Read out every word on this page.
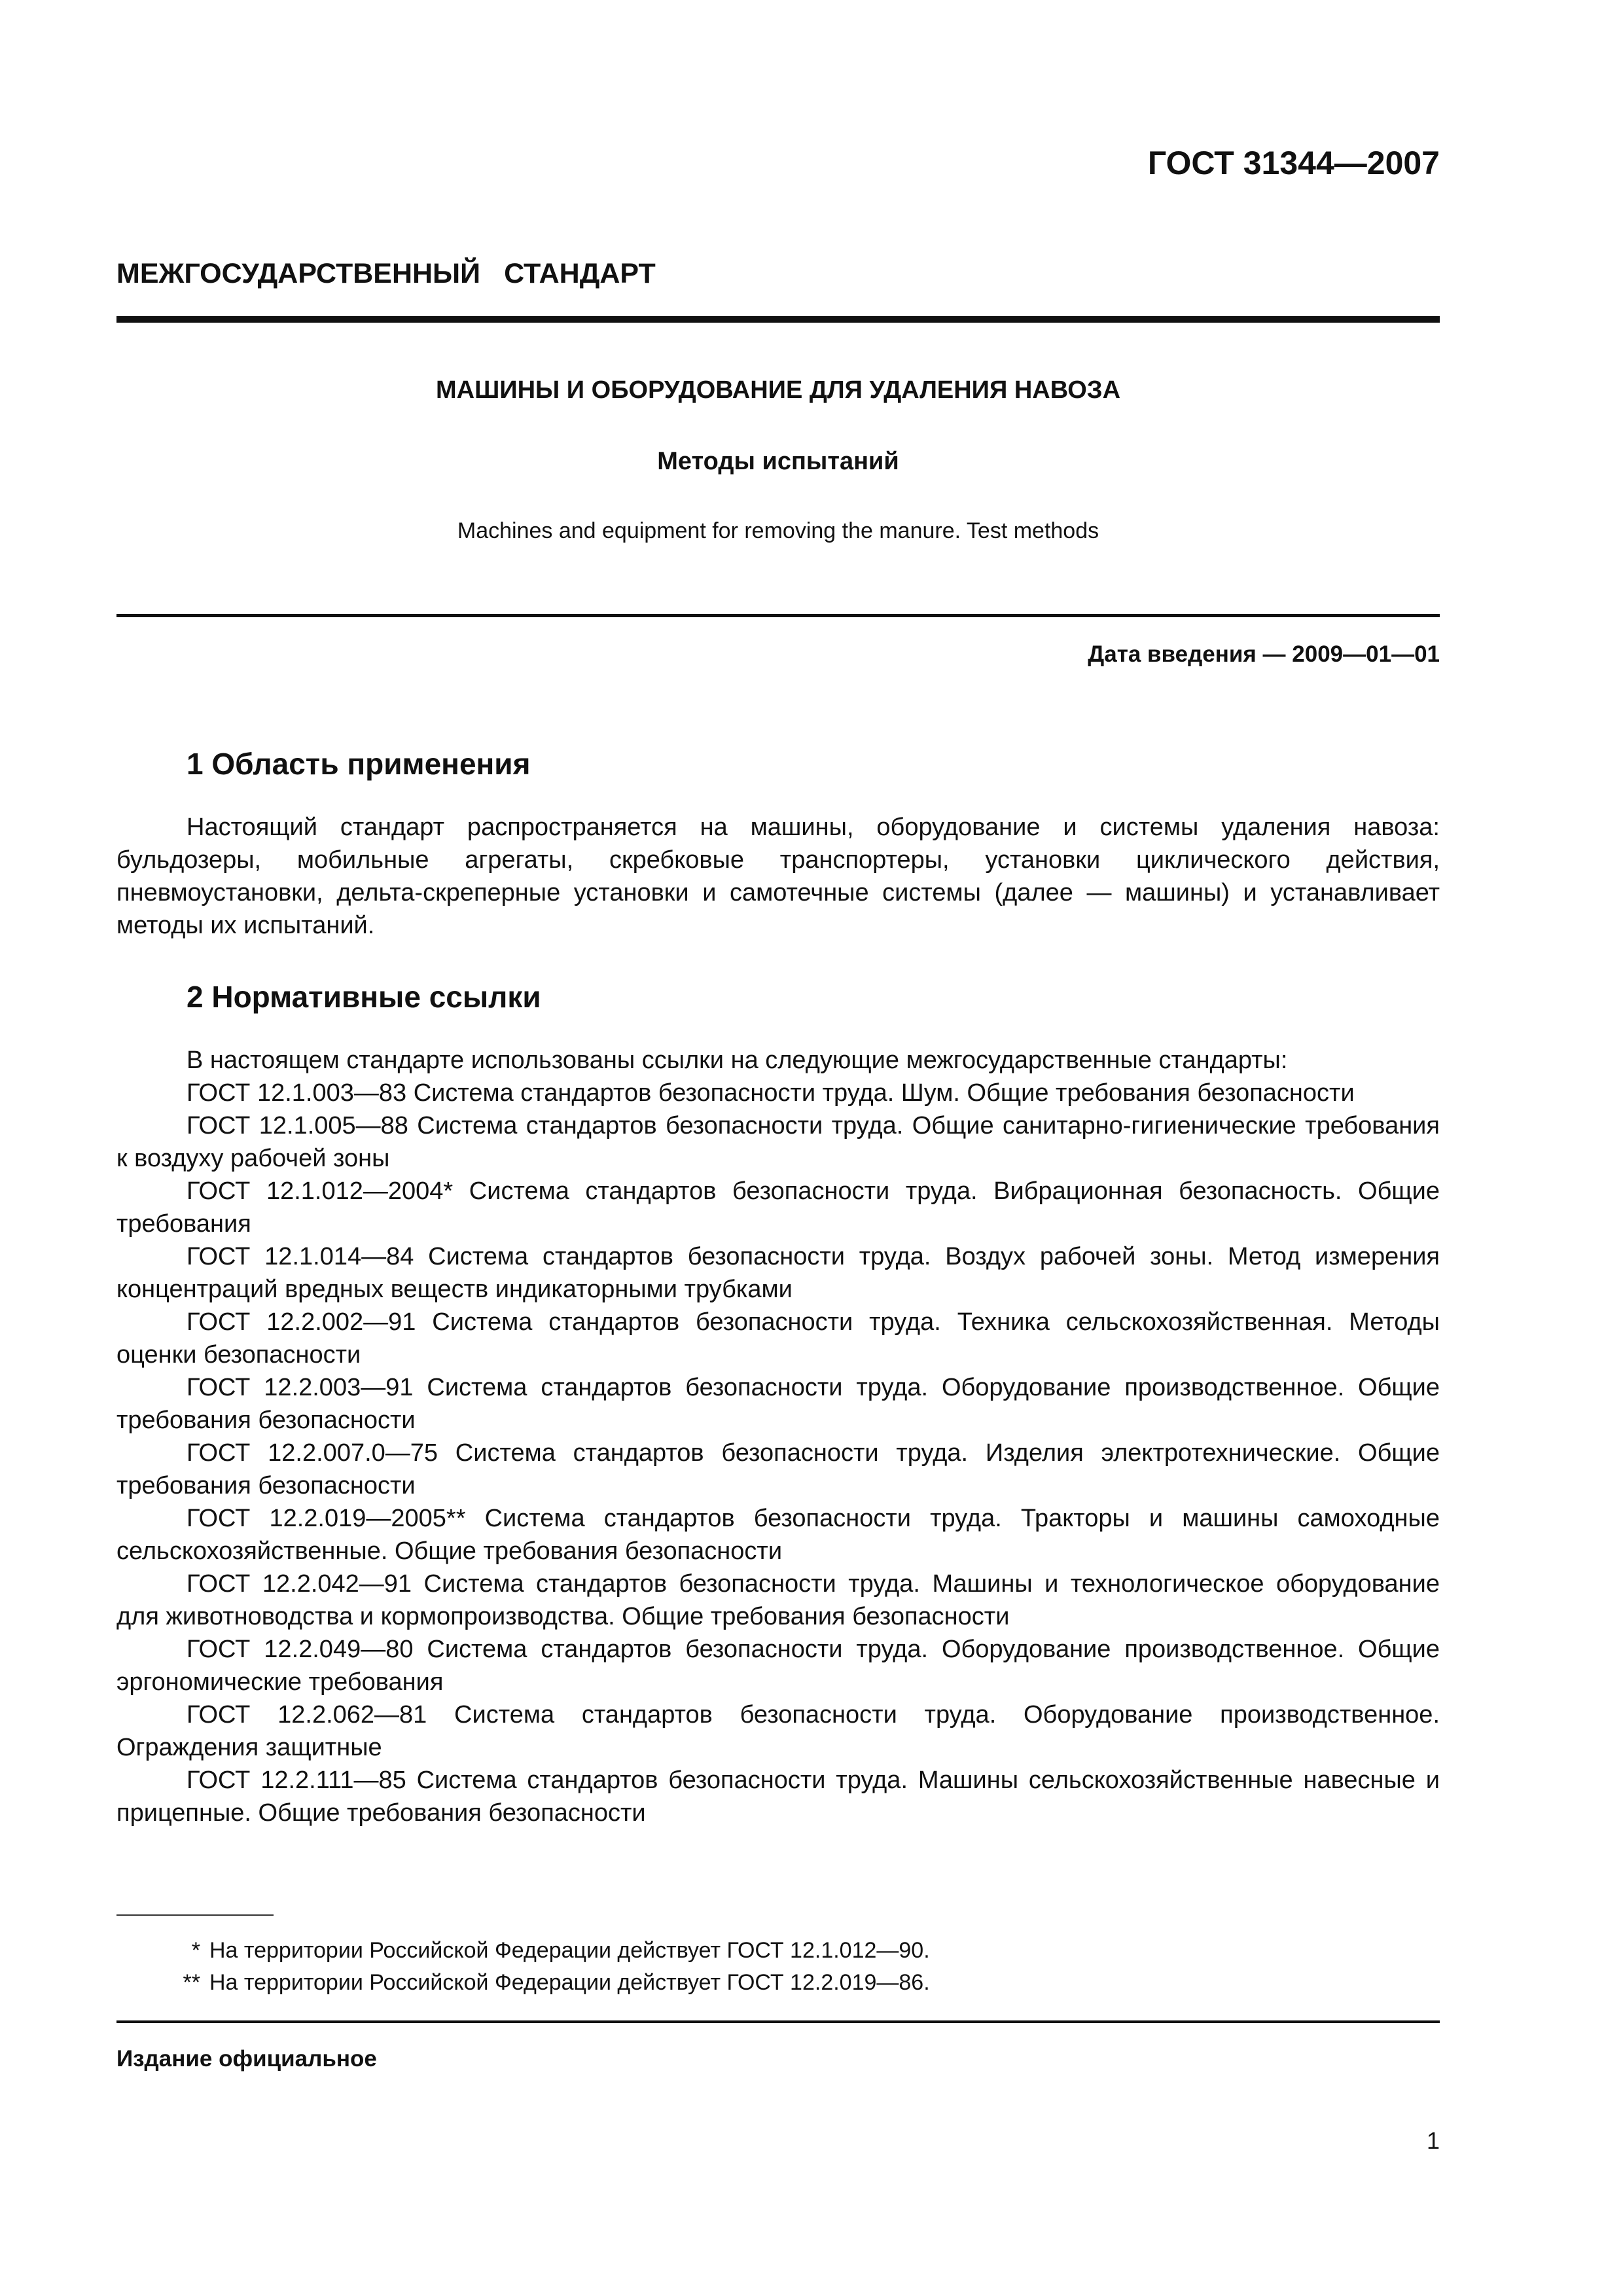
ГОСТ 31344—2007
МЕЖГОСУДАРСТВЕННЫЙ СТАНДАРТ
МАШИНЫ И ОБОРУДОВАНИЕ ДЛЯ УДАЛЕНИЯ НАВОЗА
Методы испытаний
Machines and equipment for removing the manure. Test methods
Дата введения — 2009—01—01
1 Область применения

Настоящий стандарт распространяется на машины, оборудование и системы удаления навоза: бульдозеры, мобильные агрегаты, скребковые транспортеры, установки циклического действия, пневмоустановки, дельта-скреперные установки и самотечные системы (далее — машины) и устанавливает методы их испытаний.

2 Нормативные ссылки

В настоящем стандарте использованы ссылки на следующие межгосударственные стандарты:

ГОСТ 12.1.003—83 Система стандартов безопасности труда. Шум. Общие требования безопасности

ГОСТ 12.1.005—88 Система стандартов безопасности труда. Общие санитарно-гигиенические требования к воздуху рабочей зоны

ГОСТ 12.1.012—2004* Система стандартов безопасности труда. Вибрационная безопасность. Общие требования

ГОСТ 12.1.014—84 Система стандартов безопасности труда. Воздух рабочей зоны. Метод измерения концентраций вредных веществ индикаторными трубками

ГОСТ 12.2.002—91 Система стандартов безопасности труда. Техника сельскохозяйственная. Методы оценки безопасности

ГОСТ 12.2.003—91 Система стандартов безопасности труда. Оборудование производственное. Общие требования безопасности

ГОСТ 12.2.007.0—75 Система стандартов безопасности труда. Изделия электротехнические. Общие требования безопасности

ГОСТ 12.2.019—2005** Система стандартов безопасности труда. Тракторы и машины самоходные сельскохозяйственные. Общие требования безопасности

ГОСТ 12.2.042—91 Система стандартов безопасности труда. Машины и технологическое оборудование для животноводства и кормопроизводства. Общие требования безопасности

ГОСТ 12.2.049—80 Система стандартов безопасности труда. Оборудование производственное. Общие эргономические требования

ГОСТ 12.2.062—81 Система стандартов безопасности труда. Оборудование производственное. Ограждения защитные

ГОСТ 12.2.111—85 Система стандартов безопасности труда. Машины сельскохозяйственные навесные и прицепные. Общие требования безопасности

* На территории Российской Федерации действует ГОСТ 12.1.012—90.
** На территории Российской Федерации действует ГОСТ 12.2.019—86.
Издание официальное
1
